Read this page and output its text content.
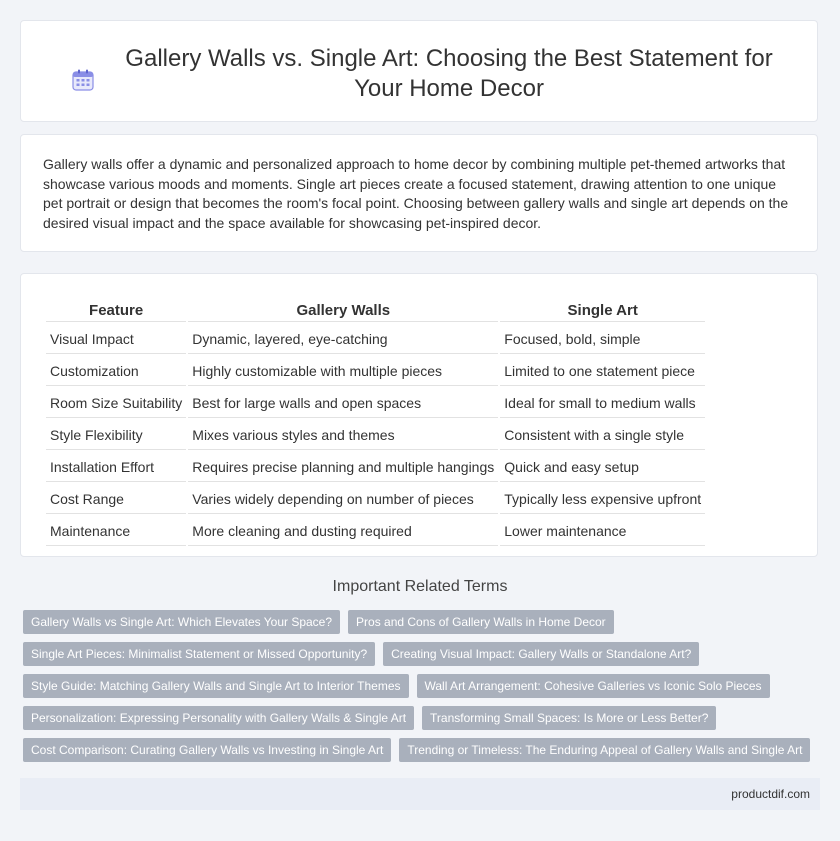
Gallery Walls vs. Single Art: Choosing the Best Statement for Your Home Decor

Gallery walls offer a dynamic and personalized approach to home decor by combining multiple pet-themed artworks that showcase various moods and moments. Single art pieces create a focused statement, drawing attention to one unique pet portrait or design that becomes the room's focal point. Choosing between gallery walls and single art depends on the desired visual impact and the space available for showcasing pet-inspired decor.

Feature	Gallery Walls	Single Art
Visual Impact	Dynamic, layered, eye-catching	Focused, bold, simple
Customization	Highly customizable with multiple pieces	Limited to one statement piece
Room Size Suitability	Best for large walls and open spaces	Ideal for small to medium walls
Style Flexibility	Mixes various styles and themes	Consistent with a single style
Installation Effort	Requires precise planning and multiple hangings	Quick and easy setup
Cost Range	Varies widely depending on number of pieces	Typically less expensive upfront
Maintenance	More cleaning and dusting required	Lower maintenance
Important Related Terms
Gallery Walls vs Single Art: Which Elevates Your Space?	Pros and Cons of Gallery Walls in Home Decor
Single Art Pieces: Minimalist Statement or Missed Opportunity?	Creating Visual Impact: Gallery Walls or Standalone Art?
Style Guide: Matching Gallery Walls and Single Art to Interior Themes	Wall Art Arrangement: Cohesive Galleries vs Iconic Solo Pieces
Personalization: Expressing Personality with Gallery Walls & Single Art	Transforming Small Spaces: Is More or Less Better?
Cost Comparison: Curating Gallery Walls vs Investing in Single Art	Trending or Timeless: The Enduring Appeal of Gallery Walls and Single Art
productdif.com
